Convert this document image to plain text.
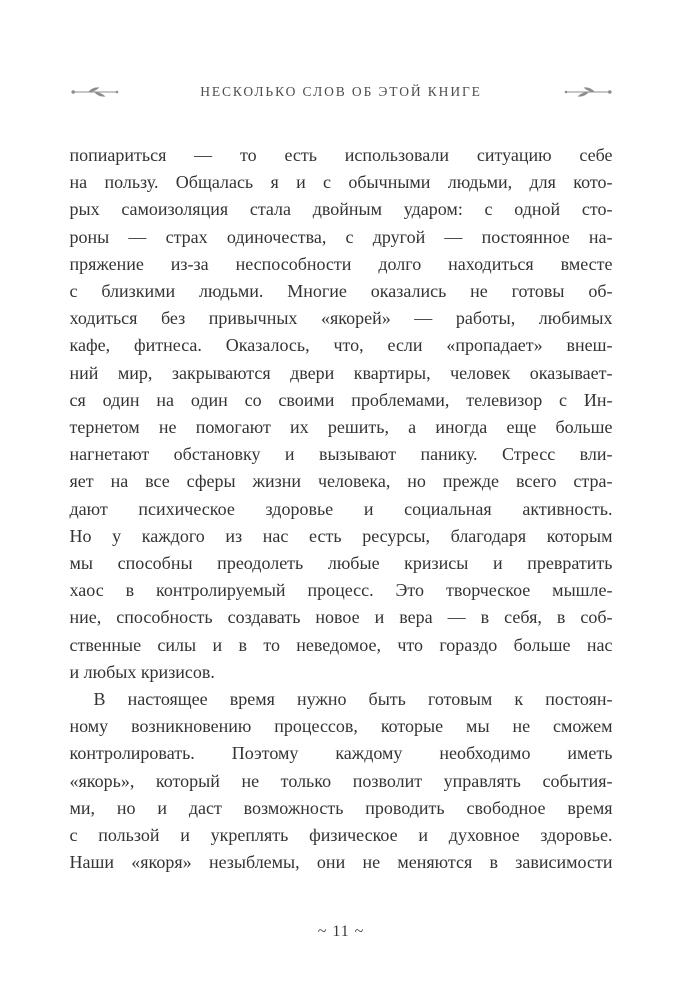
НЕСКОЛЬКО СЛОВ ОБ ЭТОЙ КНИГЕ
попиариться — то есть использовали ситуацию себе
на пользу. Общалась я и с обычными людьми, для кото-
рых самоизоляция стала двойным ударом: с одной сто-
роны — страх одиночества, с другой — постоянное на-
пряжение из-за неспособности долго находиться вместе
с близкими людьми. Многие оказались не готовы об-
ходиться без привычных «якорей» — работы, любимых
кафе, фитнеса. Оказалось, что, если «пропадает» внеш-
ний мир, закрываются двери квартиры, человек оказывает-
ся один на один со своими проблемами, телевизор с Ин-
тернетом не помогают их решить, а иногда еще больше
нагнетают обстановку и вызывают панику. Стресс вли-
яет на все сферы жизни человека, но прежде всего стра-
дают психическое здоровье и социальная активность.
Но у каждого из нас есть ресурсы, благодаря которым
мы способны преодолеть любые кризисы и превратить
хаос в контролируемый процесс. Это творческое мышле-
ние, способность создавать новое и вера — в себя, в соб-
ственные силы и в то неведомое, что гораздо больше нас
и любых кризисов.
В настоящее время нужно быть готовым к постоян-
ному возникновению процессов, которые мы не сможем
контролировать. Поэтому каждому необходимо иметь
«якорь», который не только позволит управлять события-
ми, но и даст возможность проводить свободное время
с пользой и укреплять физическое и духовное здоровье.
Наши «якоря» незыблемы, они не меняются в зависимости
~ 11 ~
